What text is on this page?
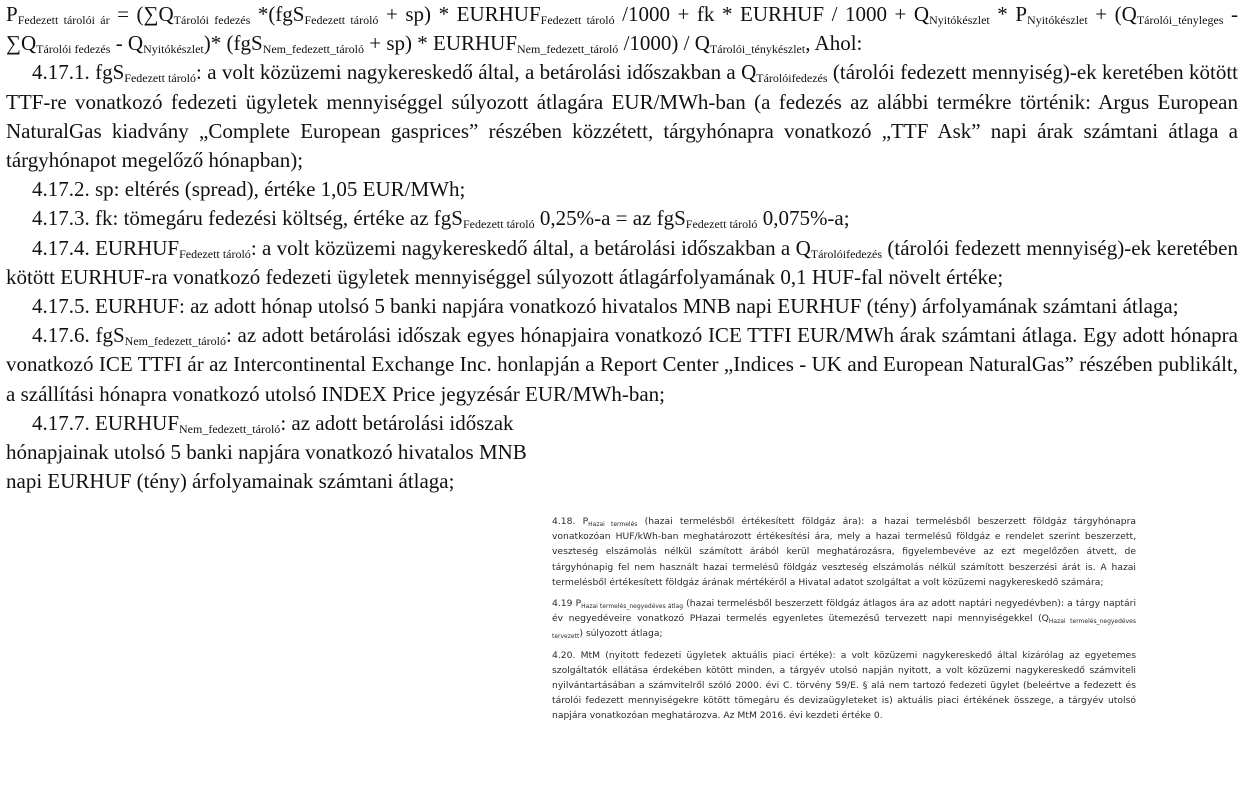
$P_{Fedezett tárolói ár} = (\sum Q_{Tárolói fedezés}$ $*(fgS_{Fedezett tároló} + sp) * EURHUF_{Fedezett tároló}$ /1000 + fk * EURHUF / $1000 + Q_{Nyitókészlet} * P_{Nyitókészlet} + (Q_{Tárolói\_tényleges} - \sum Q_{Tárolói fedezés} - Q_{Nyitókészlet})*$ $(fgS_{Nem\_fedezett\_tároló} + sp) * EURHUF_{Nem\_fedezett\_tároló}$ $/1000) / Q_{Tárolói\_ténykészlet}$, Ahol:

4.17.1. fgS$_{Fedezett tároló}$: a volt közüzemi nagykereskedő által, a betárolási időszakban a $Q_{Tárolóifedezés}$ (tárolói fedezett mennyiség)-ek keretében kötött TTF-re vonatkozó fedezeti ügyletek mennyiséggel súlyozott átlagára EUR/MWh-ban (a fedezés az alábbi termékre történik: Argus European NaturalGas kiadvány „Complete European gasprices” részében közzétett, tárgyhónapra vonatkozó „TTF Ask” napi árak számtani átlaga a tárgyhónapot megelőző hónapban);

4.17.2. sp: eltérés (spread), értéke 1,05 EUR/MWh;

4.17.3. fk: tömegáru fedezési költség, értéke az fgS$_{Fedezett tároló}$ 0,25%-a = az fgS$_{Fedezett tároló}$ 0,075%-a;

4.17.4. $EURHUF_{Fedezett tároló}$: a volt közüzemi nagykereskedő által, a betárolási időszakban a $Q_{Tárolóifedezés}$ (tárolói fedezett mennyiség)-ek keretében kötött EURHUF-ra vonatkozó fedezeti ügyletek mennyiséggel súlyozott átlagárfolyamának 0,1 HUF-fal növelt értéke;

4.17.5. EURHUF: az adott hónap utolsó 5 banki napjára vonatkozó hivatalos MNB napi EURHUF (tény) árfolyamának számtani átlaga;

4.17.6. fgS$_{Nem\_fedezett\_tároló}$: az adott betárolási időszak egyes hónapjaira vonatkozó ICE TTFI EUR/MWh árak számtani átlaga. Egy adott hónapra vonatkozó ICE TTFI ár az Intercontinental Exchange Inc. honlapján a Report Center „Indices - UK and European NaturalGas” részében publikált, a szállítási hónapra vonatkozó utolsó INDEX Price jegyzésár EUR/MWh-ban;

4.17.7. $EURHUF_{Nem\_fedezett\_tároló}$: az adott betárolási időszak hónapjainak utolsó 5 banki napjára vonatkozó hivatalos MNB napi EURHUF (tény) árfolyamainak számtani átlaga;

4.18. $P_{Hazai termelés}$ (hazai termelésből értékesített földgáz ára): a hazai termelésből beszerzett földgáz tárgyhónapra vonatkozóan HUF/kWh-ban meghatározott értékesítési ára, mely a hazai termelésű földgáz e rendelet szerint beszerzett, veszteség elszámolás nélkül számított árából kerül meghatározásra, figyelembevéve az ezt megelőzően átvett, de tárgyhónapig fel nem használt hazai termelésű földgáz veszteség elszámolás nélkül számított beszerzési árát is. A hazai termelésből értékesített földgáz árának mértékéről a Hivatal adatot szolgáltat a volt közüzemi nagykereskedő számára;

4.19 $P_{Hazai termelés\_negyedéves átlag}$ (hazai termelésből beszerzett földgáz átlagos ára az adott naptári negyedévben): a tárgy naptári év negyedéveire vonatkozó PHazai termelés egyenletes ütemezésű tervezett napi mennyiségekkel $(Q_{Hazai termelés\_negyedéves tervezett})$ súlyozott átlaga;

4.20. MtM (nyitott fedezeti ügyletek aktuális piaci értéke): a volt közüzemi nagykereskedő által kizárólag az egyetemes szolgáltatók ellátása érdekében kötött minden, a tárgyév utolsó napján nyitott, a volt közüzemi nagykereskedő számviteli nyilvántartásában a számvitelről szóló 2000. évi C. törvény 59/E. § alá nem tartozó fedezeti ügylet (beleértve a fedezett és tárolói fedezett mennyiségekre kötött tömegáru és devizaügyleteket is) aktuális piaci értékének összege, a tárgyév utolsó napjára vonatkozóan meghatározva. Az MtM 2016. évi kezdeti értéke 0.
